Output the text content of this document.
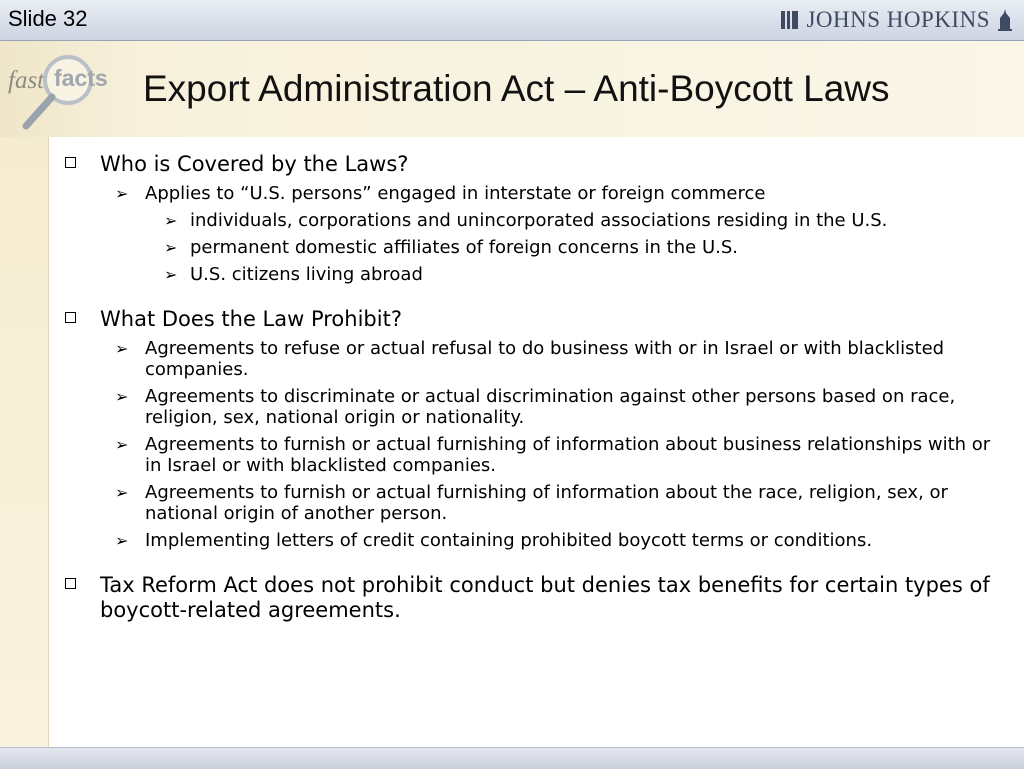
Slide 32	JOHNS HOPKINS
fast facts Export Administration Act – Anti-Boycott Laws
Who is Covered by the Laws?
➢ Applies to “U.S. persons” engaged in interstate or foreign commerce
➢ individuals, corporations and unincorporated associations residing in the U.S.
➢ permanent domestic affiliates of foreign concerns in the U.S.
➢ U.S. citizens living abroad
What Does the Law Prohibit?
➢ Agreements to refuse or actual refusal to do business with or in Israel or with blacklisted companies.
➢ Agreements to discriminate or actual discrimination against other persons based on race, religion, sex, national origin or nationality.
➢ Agreements to furnish or actual furnishing of information about business relationships with or in Israel or with blacklisted companies.
➢ Agreements to furnish or actual furnishing of information about the race, religion, sex, or national origin of another person.
➢ Implementing letters of credit containing prohibited boycott terms or conditions.
Tax Reform Act does not prohibit conduct but denies tax benefits for certain types of boycott-related agreements.
